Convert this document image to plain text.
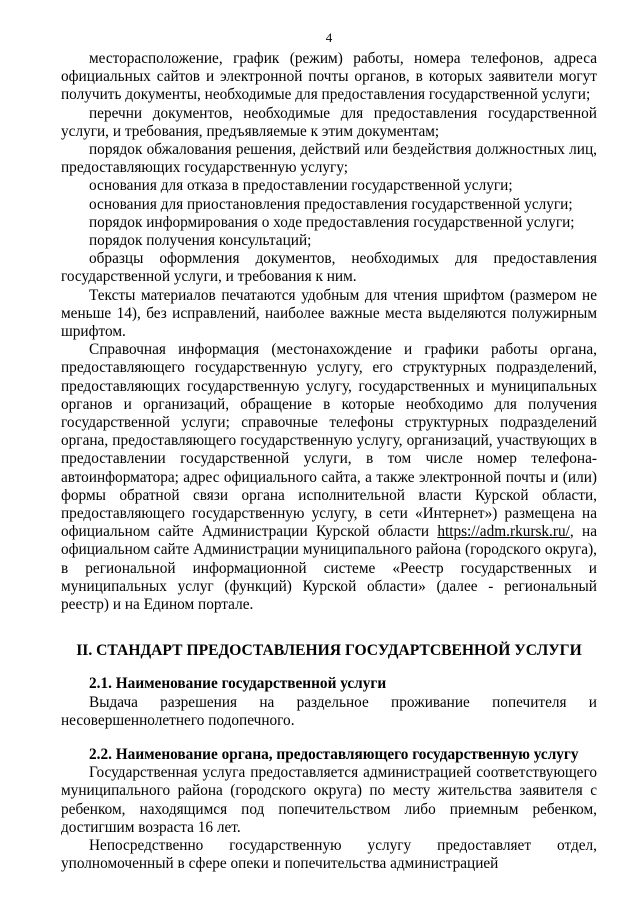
4

месторасположение, график (режим) работы, номера телефонов, адреса официальных сайтов и электронной почты органов, в которых заявители могут получить документы, необходимые для предоставления государственной услуги;

перечни документов, необходимые для предоставления государственной услуги, и требования, предъявляемые к этим документам;

порядок обжалования решения, действий или бездействия должностных лиц, предоставляющих государственную услугу;

основания для отказа в предоставлении государственной услуги;

основания для приостановления предоставления государственной услуги;

порядок информирования о ходе предоставления государственной услуги;

порядок получения консультаций;

образцы оформления документов, необходимых для предоставления государственной услуги, и требования к ним.

Тексты материалов печатаются удобным для чтения шрифтом (размером не меньше 14), без исправлений, наиболее важные места выделяются полужирным шрифтом.

Справочная информация (местонахождение и графики работы органа, предоставляющего государственную услугу, его структурных подразделений, предоставляющих государственную услугу, государственных и муниципальных органов и организаций, обращение в которые необходимо для получения государственной услуги; справочные телефоны структурных подразделений органа, предоставляющего государственную услугу, организаций, участвующих в предоставлении государственной услуги, в том числе номер телефона-автоинформатора; адрес официального сайта, а также электронной почты и (или) формы обратной связи органа исполнительной власти Курской области, предоставляющего государственную услугу, в сети «Интернет») размещена на официальном сайте Администрации Курской области https://adm.rkursk.ru/, на официальном сайте Администрации муниципального района (городского округа), в региональной информационной системе «Реестр государственных и муниципальных услуг (функций) Курской области» (далее - региональный реестр) и на Едином портале.

II. СТАНДАРТ ПРЕДОСТАВЛЕНИЯ ГОСУДАРТСВЕННОЙ УСЛУГИ

2.1. Наименование государственной услуги

Выдача разрешения на раздельное проживание попечителя и несовершеннолетнего подопечного.

2.2. Наименование органа, предоставляющего государственную услугу

Государственная услуга предоставляется администрацией соответствующего муниципального района (городского округа) по месту жительства заявителя с ребенком, находящимся под попечительством либо приемным ребенком, достигшим возраста 16 лет.

Непосредственно государственную услугу предоставляет отдел, уполномоченный в сфере опеки и попечительства администрацией
